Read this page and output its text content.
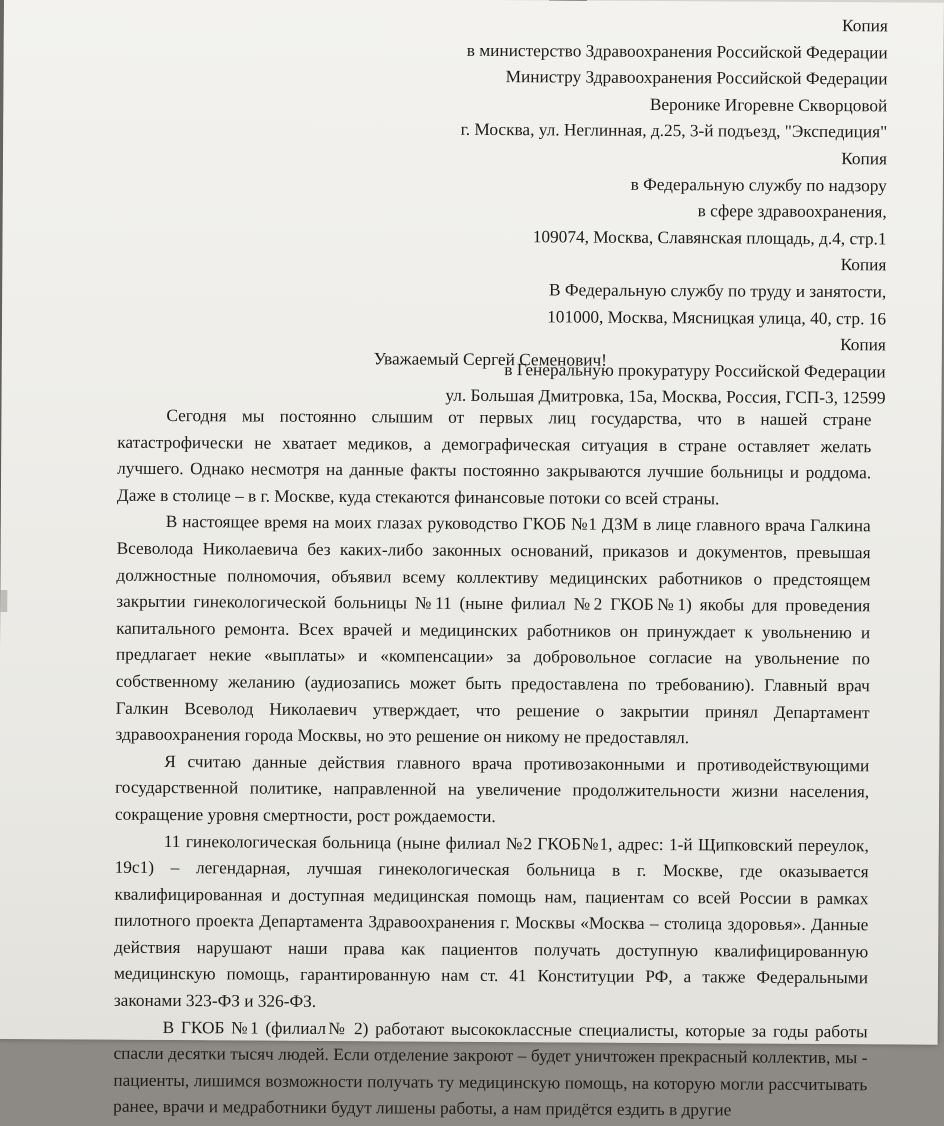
Копия
в министерство Здравоохранения Российской Федерации
Министру Здравоохранения Российской Федерации
Веронике Игоревне Скворцовой
г. Москва, ул. Неглинная, д.25, 3-й подъезд, "Экспедиция"
Копия
в Федеральную службу по надзору
в сфере здравоохранения,
109074, Москва, Славянская площадь, д.4, стр.1
Копия
В Федеральную службу по труду и занятости,
101000, Москва, Мясницкая улица, 40, стр. 16
Копия
в Генеральную прокуратуру Российской Федерации
ул. Большая Дмитровка, 15а, Москва, Россия, ГСП-3, 12599
Уважаемый Сергей Семенович!

Сегодня мы постоянно слышим от первых лиц государства, что в нашей стране катастрофически не хватает медиков, а демографическая ситуация в стране оставляет желать лучшего. Однако несмотря на данные факты постоянно закрываются лучшие больницы и роддома. Даже в столице – в г. Москве, куда стекаются финансовые потоки со всей страны.

В настоящее время на моих глазах руководство ГКОБ №1 ДЗМ в лице главного врача Галкина Всеволода Николаевича без каких-либо законных оснований, приказов и документов, превышая должностные полномочия, объявил всему коллективу медицинских работников о предстоящем закрытии гинекологической больницы №11 (ныне филиал №2 ГКОБ№1) якобы для проведения капитального ремонта. Всех врачей и медицинских работников он принуждает к увольнению и предлагает некие «выплаты» и «компенсации» за добровольное согласие на увольнение по собственному желанию (аудиозапись может быть предоставлена по требованию). Главный врач Галкин Всеволод Николаевич утверждает, что решение о закрытии принял Департамент здравоохранения города Москвы, но это решение он никому не предоставлял.

Я считаю данные действия главного врача противозаконными и противодействующими государственной политике, направленной на увеличение продолжительности жизни населения, сокращение уровня смертности, рост рождаемости.

11 гинекологическая больница (ныне филиал №2 ГКОБ№1, адрес: 1-й Щипковский переулок, 19с1) – легендарная, лучшая гинекологическая больница в г. Москве, где оказывается квалифицированная и доступная медицинская помощь нам, пациентам со всей России в рамках пилотного проекта Департамента Здравоохранения г. Москвы «Москва – столица здоровья». Данные действия нарушают наши права как пациентов получать доступную квалифицированную медицинскую помощь, гарантированную нам ст. 41 Конституции РФ, а также Федеральными законами 323-ФЗ и 326-ФЗ.

В ГКОБ №1 (филиал№ 2) работают высококлассные специалисты, которые за годы работы спасли десятки тысяч людей. Если отделение закроют – будет уничтожен прекрасный коллектив, мы - пациенты, лишимся возможности получать ту медицинскую помощь, на которую могли рассчитывать ранее, врачи и медработники будут лишены работы, а нам придётся ездить в другие
